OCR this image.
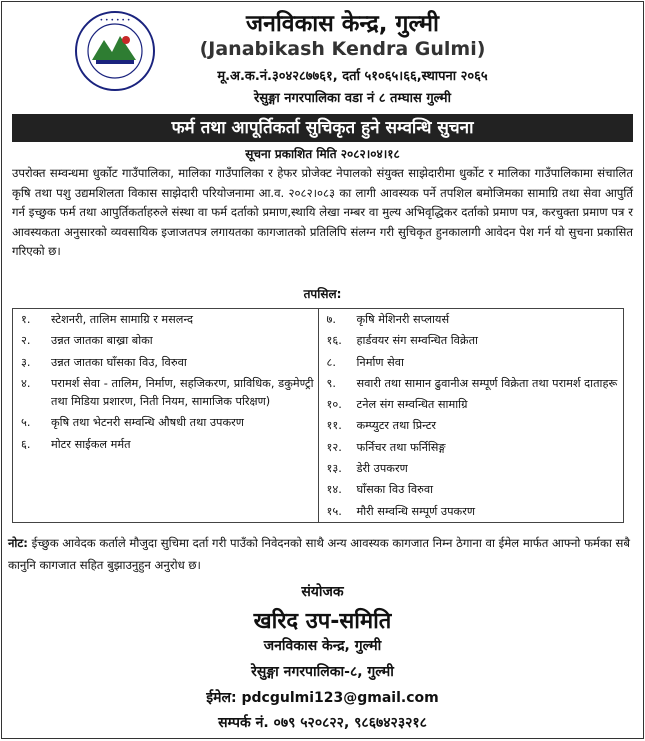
• • • • • •	जनविकास केन्द्र, गुल्मी
(Janabikash Kendra Gulmi)
मू.अ.क.नं.३०४२८७७६१, दर्ता ५१०६५।६६,स्थापना २०६५
रेसुङ्गा नगरपालिका वडा नं ८ तम्घास गुल्मी
फर्म तथा आपूर्तिकर्ता सुचिकृत हुने सम्वन्धि सुचना
सूचना प्रकाशित मिति २०८२।०४।१८
उपरोक्त सम्वन्धमा धुर्कोट गाउँपालिका, मालिका गाउँपालिका र हेफर प्रोजेक्ट नेपालको संयुक्त साझेदारीमा धुर्कोट र मालिका गाउँपालिकामा संचालित कृषि तथा पशु उद्यमशिलता विकास साझेदारी परियोजनामा आ.व. २०८२।०८३ का लागी आवस्यक पर्ने तपशिल बमोजिमका सामाग्रि तथा सेवा आपुर्ति गर्न इच्छुक फर्म तथा आपुर्तिकर्ताहरुले संस्था वा फर्म दर्ताको प्रमाण,स्थायि लेखा नम्बर वा मुल्य अभिवृद्धिकर दर्ताको प्रमाण पत्र, करचुक्ता प्रमाण पत्र र आवस्यकता अनुसारको व्यवसायिक इजाजतपत्र लगायतका कागजातको प्रतिलिपि संलग्न गरी सुचिकृत हुनकालागी आवेदन पेश गर्न यो सुचना प्रकासित गरिएको छ।
तपसिल:
१.	स्टेशनरी, तालिम सामाग्रि र मसलन्द
२.	उन्नत जातका बाख्रा बोका
३.	उन्नत जातका घाँसका विउ, विरुवा
४.	परामर्श सेवा - तालिम, निर्माण, सहजिकरण, प्राविधिक, डकुमेण्ट्री तथा मिडिया प्रशारण, निती नियम, सामाजिक परिक्षण)
५.	कृषि तथा भेटनरी सम्वन्धि औषधी तथा उपकरण
६.	मोटर साईकल मर्मत

७.	कृषि मेशिनरी सप्लायर्स
१६.	हार्डवयर संग सम्वन्धित विक्रेता
८.	निर्माण सेवा
९.	सवारी तथा सामान ढुवानीअ सम्पूर्ण विक्रेता तथा परामर्श दाताहरू
१०.	टनेल संग सम्वन्धित सामाग्रि
११.	कम्प्युटर तथा प्रिन्टर
१२.	फर्निचर तथा फर्निसिङ्ग
१३.	डेरी उपकरण
१४.	घाँसका विउ विरुवा
१५.	मौरी सम्वन्धि सम्पूर्ण उपकरण
नोट: ईच्छुक आवेदक कर्ताले मौजुदा सुचिमा दर्ता गरी पाउँको निवेदनको साथै अन्य आवस्यक कागजात निम्न ठेगाना वा ईमेल मार्फत आफ्नो फर्मका सबै कानुनि कागजात सहित बुझाउनुहुन अनुरोध छ।
संयोजक
खरिद उप-समिति
जनविकास केन्द्र, गुल्मी
रेसुङ्गा नगरपालिका-८, गुल्मी
ईमेल: pdcgulmi123@gmail.com
सम्पर्क नं. ०७९ ५२०८२२, ९८६७४२३२१८
